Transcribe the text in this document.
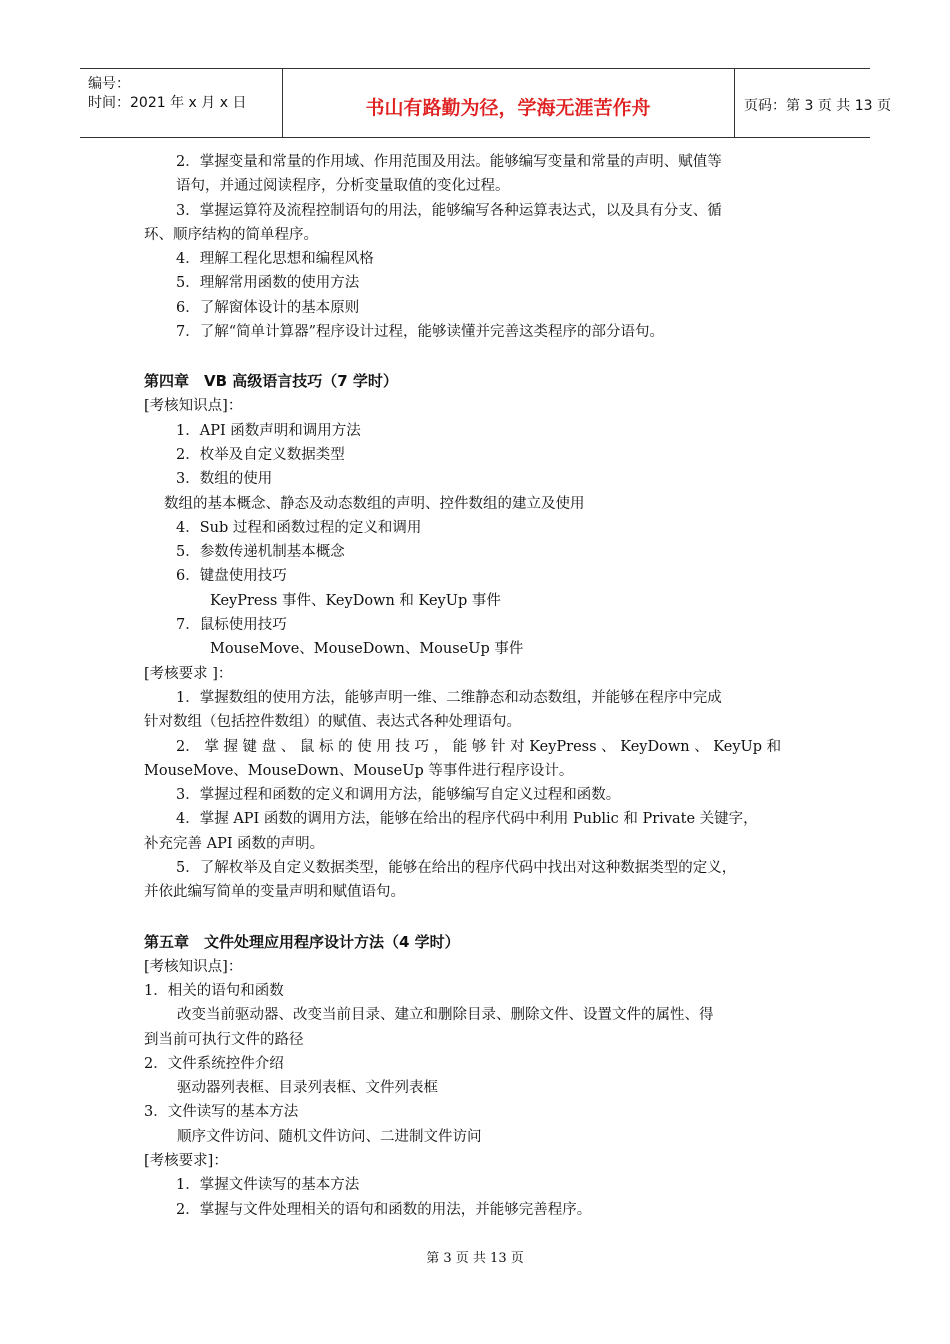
编号：
时间：2021 年 x 月 x 日	书山有路勤为径，学海无涯苦作舟	页码：第 3 页 共 13 页

2．掌握变量和常量的作用域、作用范围及用法。能够编写变量和常量的声明、赋值等

语句，并通过阅读程序，分析变量取值的变化过程。

3．掌握运算符及流程控制语句的用法，能够编写各种运算表达式，以及具有分支、循

环、顺序结构的简单程序。

4．理解工程化思想和编程风格

5．理解常用函数的使用方法

6．了解窗体设计的基本原则

7．了解“简单计算器”程序设计过程，能够读懂并完善这类程序的部分语句。

第四章　VB 高级语言技巧（7 学时）

[考核知识点]：

1．API 函数声明和调用方法

2．枚举及自定义数据类型

3．数组的使用

数组的基本概念、静态及动态数组的声明、控件数组的建立及使用

4．Sub 过程和函数过程的定义和调用

5．参数传递机制基本概念

6．键盘使用技巧

KeyPress 事件、KeyDown 和 KeyUp 事件

7．鼠标使用技巧

MouseMove、MouseDown、MouseUp 事件

[考核要求 ]：

1．掌握数组的使用方法，能够声明一维、二维静态和动态数组，并能够在程序中完成

针对数组（包括控件数组）的赋值、表达式各种处理语句。

2． 掌 握 键 盘 、 鼠 标 的 使 用 技 巧 ， 能 够 针 对 KeyPress 、 KeyDown 、 KeyUp 和

MouseMove、MouseDown、MouseUp 等事件进行程序设计。

3．掌握过程和函数的定义和调用方法，能够编写自定义过程和函数。

4．掌握 API 函数的调用方法，能够在给出的程序代码中利用 Public 和 Private 关键字，

补充完善 API 函数的声明。

5．了解枚举及自定义数据类型，能够在给出的程序代码中找出对这种数据类型的定义，

并依此编写简单的变量声明和赋值语句。

第五章　文件处理应用程序设计方法（4 学时）

[考核知识点]：

1．相关的语句和函数

改变当前驱动器、改变当前目录、建立和删除目录、删除文件、设置文件的属性、得

到当前可执行文件的路径

2．文件系统控件介绍

驱动器列表框、目录列表框、文件列表框

3．文件读写的基本方法

顺序文件访问、随机文件访问、二进制文件访问

[考核要求]：

1．掌握文件读写的基本方法

2．掌握与文件处理相关的语句和函数的用法，并能够完善程序。

第 3 页 共 13 页
